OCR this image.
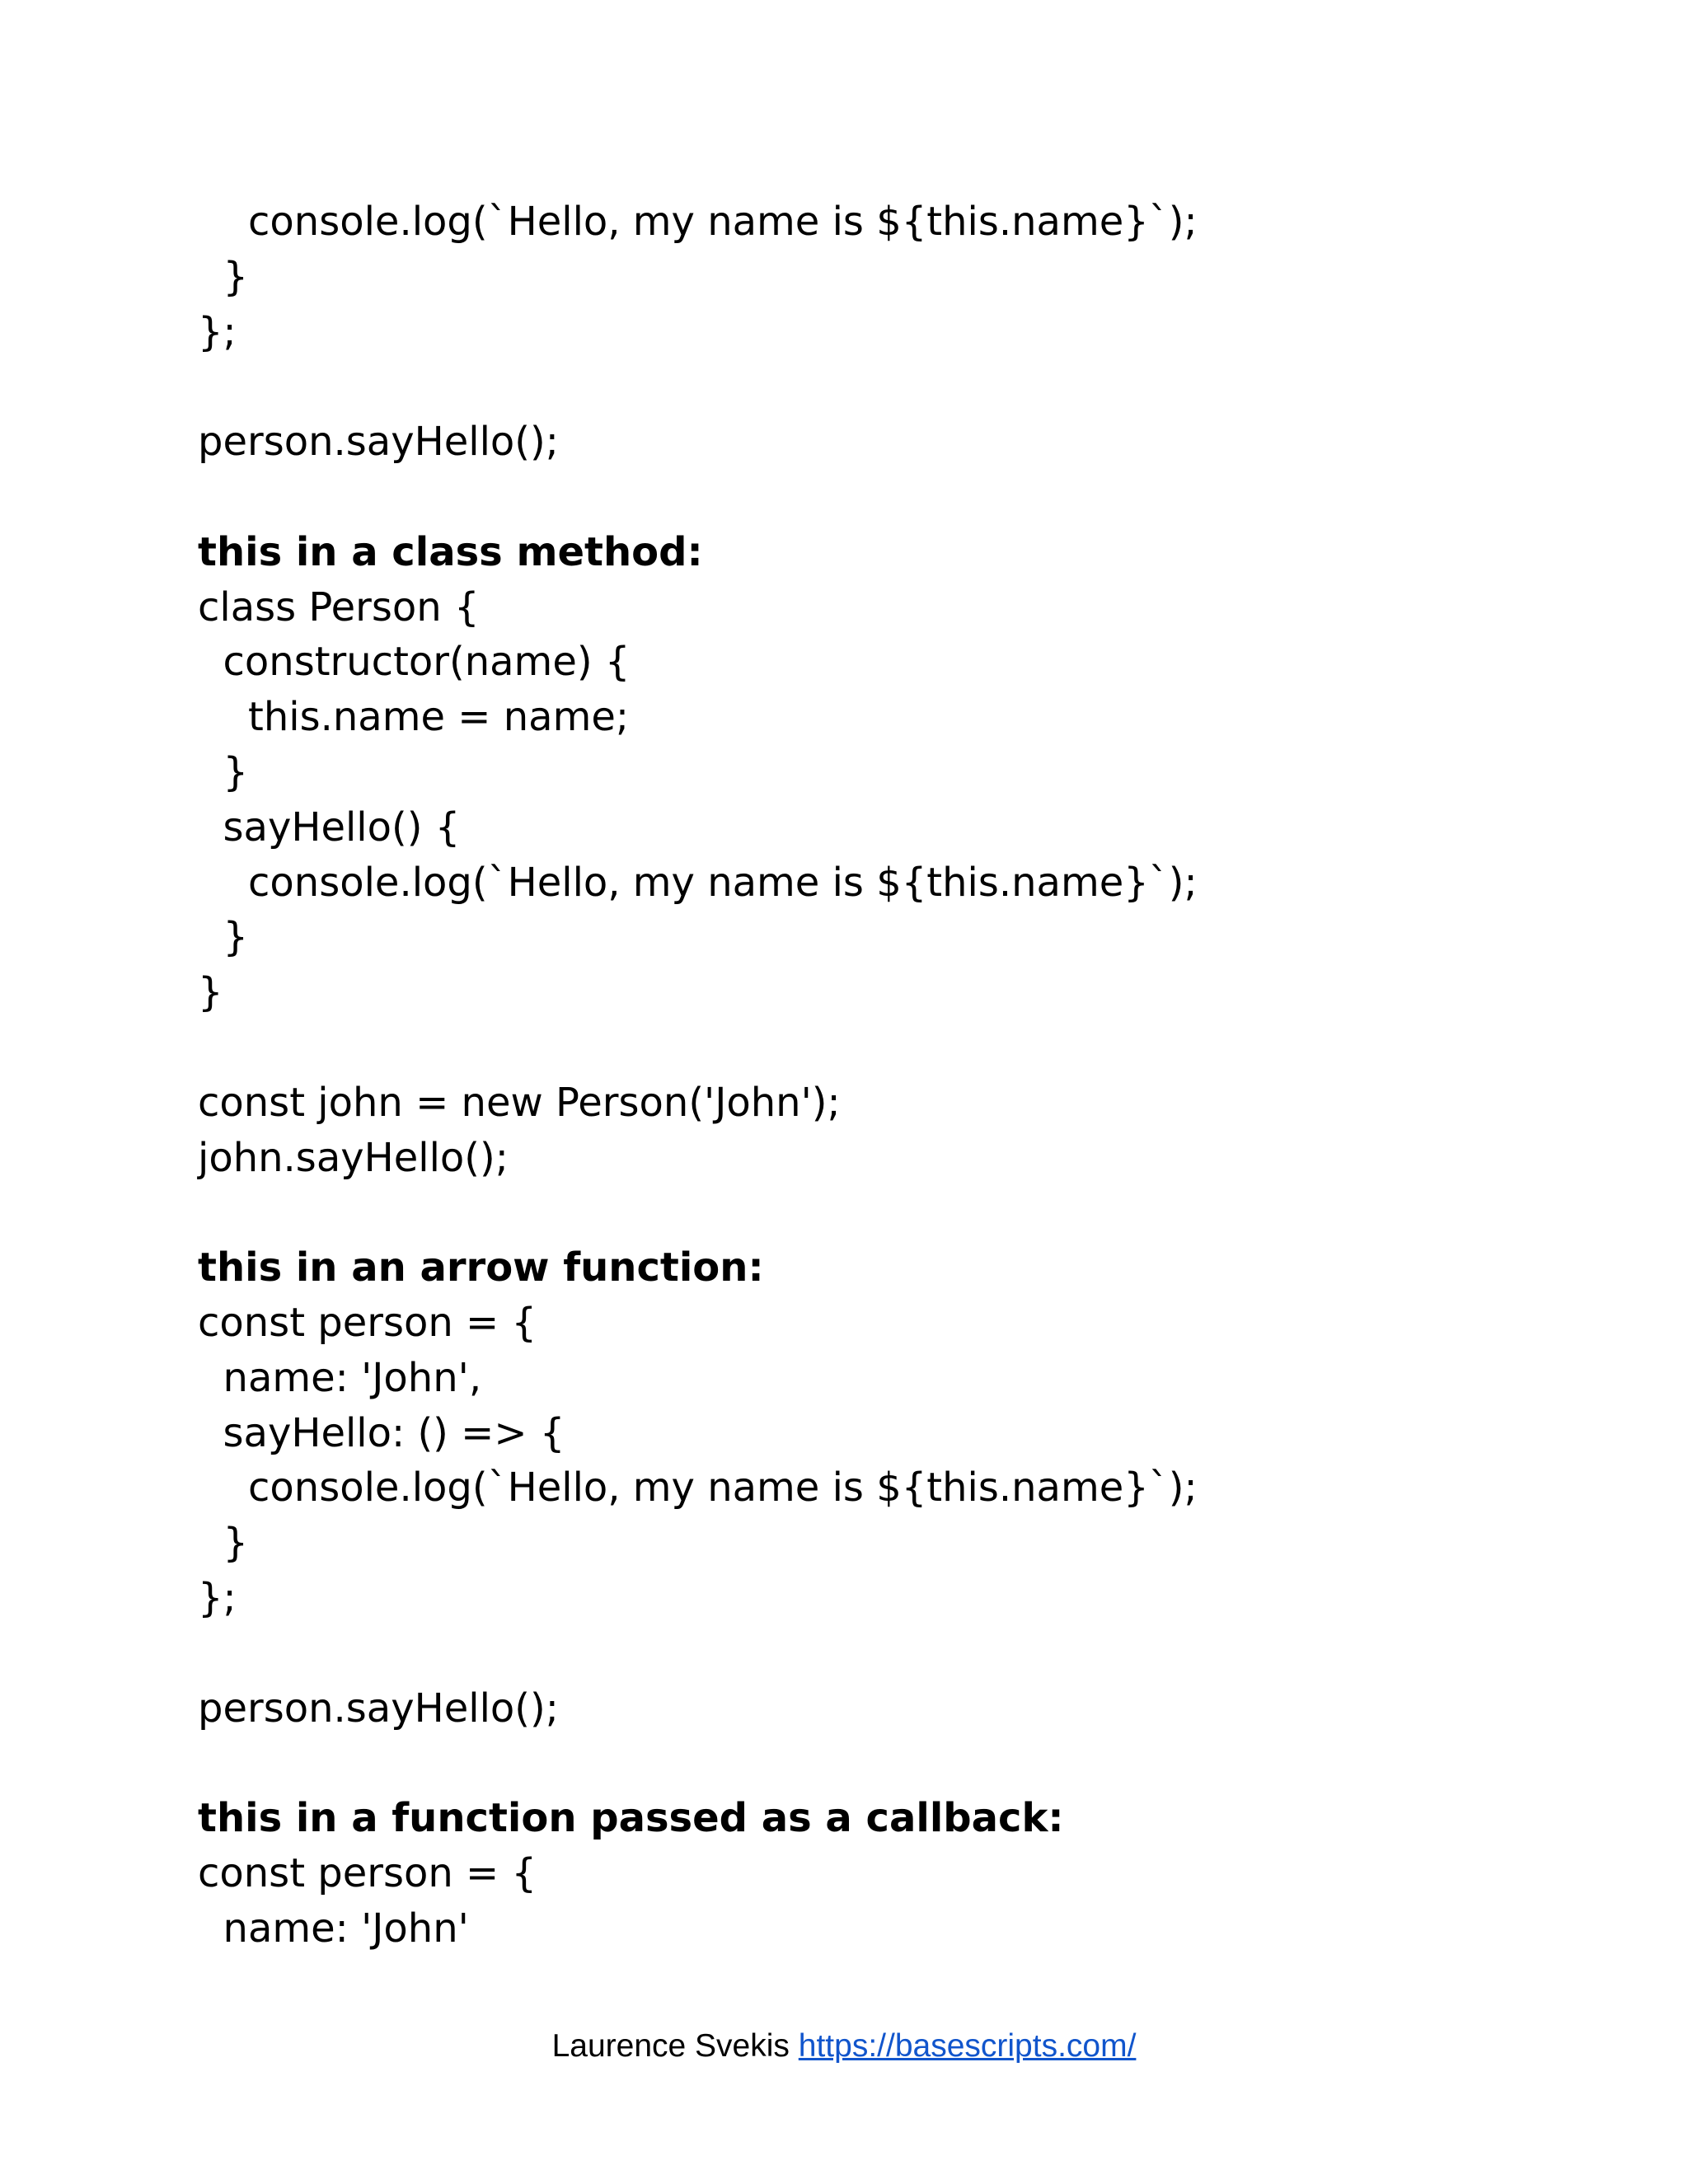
console.log(`Hello, my name is ${this.name}`);
}
};
person.sayHello();
this in a class method:
class Person {
constructor(name) {
this.name = name;
}
sayHello() {
console.log(`Hello, my name is ${this.name}`);
}
}
const john = new Person('John');
john.sayHello();
this in an arrow function:
const person = {
name: 'John',
sayHello: () => {
console.log(`Hello, my name is ${this.name}`);
}
};
person.sayHello();
this in a function passed as a callback:
const person = {
name: 'John'
Laurence Svekis https://basescripts.com/
